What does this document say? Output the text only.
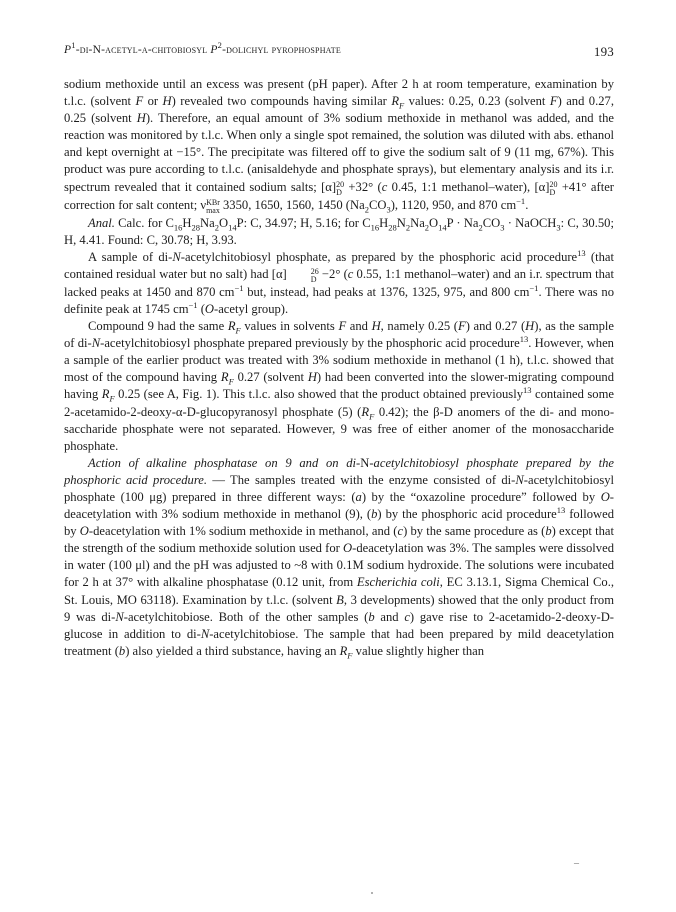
$P^1-di-N-acetyl-\alpha$-chitobiosyl $P^2$-dolichyl pyrophosphate	193

sodium methoxide until an excess was present (pH paper). After 2 h at room temperature, examination by t.l.c. (solvent F or H) revealed two compounds having similar $R_F$ values: 0.25, 0.23 (solvent F) and 0.27, 0.25 (solvent H). Therefore, an equal amount of 3% sodium methoxide in methanol was added, and the reaction was monitored by t.l.c. When only a single spot remained, the solution was diluted with abs. ethanol and kept overnight at −15°. The precipitate was filtered off to give the sodium salt of 9 (11 mg, 67%). This product was pure according to t.l.c. (anisaldehyde and phosphate sprays), but elementary analysis and its i.r. spectrum revealed that it contained sodium salts; [α] 20
D +32° (c 0.45, 1:1 methanol–water), [α] 20
D +41° after correction for salt content; ν KBr
max 3350, 1650, 1560, 1450 $(Na_2CO_3)$, 1120, 950, and 870 $cm^{-1}$.

Anal. Calc. for $C_{16}H_{28}Na_2O_{14}P$: C, 34.97; H, 5.16; for $C_{16}H_{28}N_2Na_2O_{14}P \cdot Na_2CO_3$ · NaOCH$_3$: C, 30.50; H, 4.41. Found: C, 30.78; H, 3.93.

A sample of di-N-acetylchitobiosyl phosphate, as prepared by the phosphoric acid procedure$^{13}$ (that contained residual water but no salt) had [α]	26
D −2° (c 0.55, 1:1 methanol–water) and an i.r. spectrum that lacked peaks at 1450 and 870 $cm^{-1}$ but, instead, had peaks at 1376, 1325, 975, and 800 $cm^{-1}$. There was no definite peak at 1745 $cm^{-1}$ (O-acetyl group).

Compound 9 had the same $R_F$ values in solvents F and H, namely 0.25 (F) and 0.27 (H), as the sample of di-N-acetylchitobiosyl phosphate prepared previously by the phosphoric acid procedure$^{13}$. However, when a sample of the earlier product was treated with 3% sodium methoxide in methanol (1 h), t.l.c. showed that most of the compound having $R_F$ 0.27 (solvent H) had been converted into the slower-migrating compound having $R_F$ 0.25 (see A, Fig. 1). This t.l.c. also showed that the product obtained previously$^{13}$ contained some 2-acetamido-2-deoxy-α-D-glucopyranosyl phosphate (5) ($R_F$ 0.42); the β-D anomers of the di- and mono-saccharide phosphate were not separated. However, 9 was free of either anomer of the monosaccharide phosphate.

Action of alkaline phosphatase on 9 and on di-N-acetylchitobiosyl phosphate prepared by the phosphoric acid procedure. — The samples treated with the enzyme consisted of di-N-acetylchitobiosyl phosphate (100 μg) prepared in three different ways: (a) by the “oxazoline procedure” followed by O-deacetylation with 3% sodium methoxide in methanol (9), (b) by the phosphoric acid procedure$^{13}$ followed by O-deacetylation with 1% sodium methoxide in methanol, and (c) by the same procedure as (b) except that the strength of the sodium methoxide solution used for O-deacetylation was 3%. The samples were dissolved in water (100 μl) and the pH was adjusted to ~8 with 0.1M sodium hydroxide. The solutions were incubated for 2 h at 37° with alkaline phosphatase (0.12 unit, from Escherichia coli, EC 3.13.1, Sigma Chemical Co., St. Louis, MO 63118). Examination by t.l.c. (solvent B, 3 developments) showed that the only product from 9 was di-N-acetylchitobiose. Both of the other samples (b and c) gave rise to 2-acetamido-2-deoxy-D-glucose in addition to di-N-acetylchitobiose. The sample that had been prepared by mild deacetylation treatment (b) also yielded a third substance, having an $R_F$ value slightly higher than

‒
